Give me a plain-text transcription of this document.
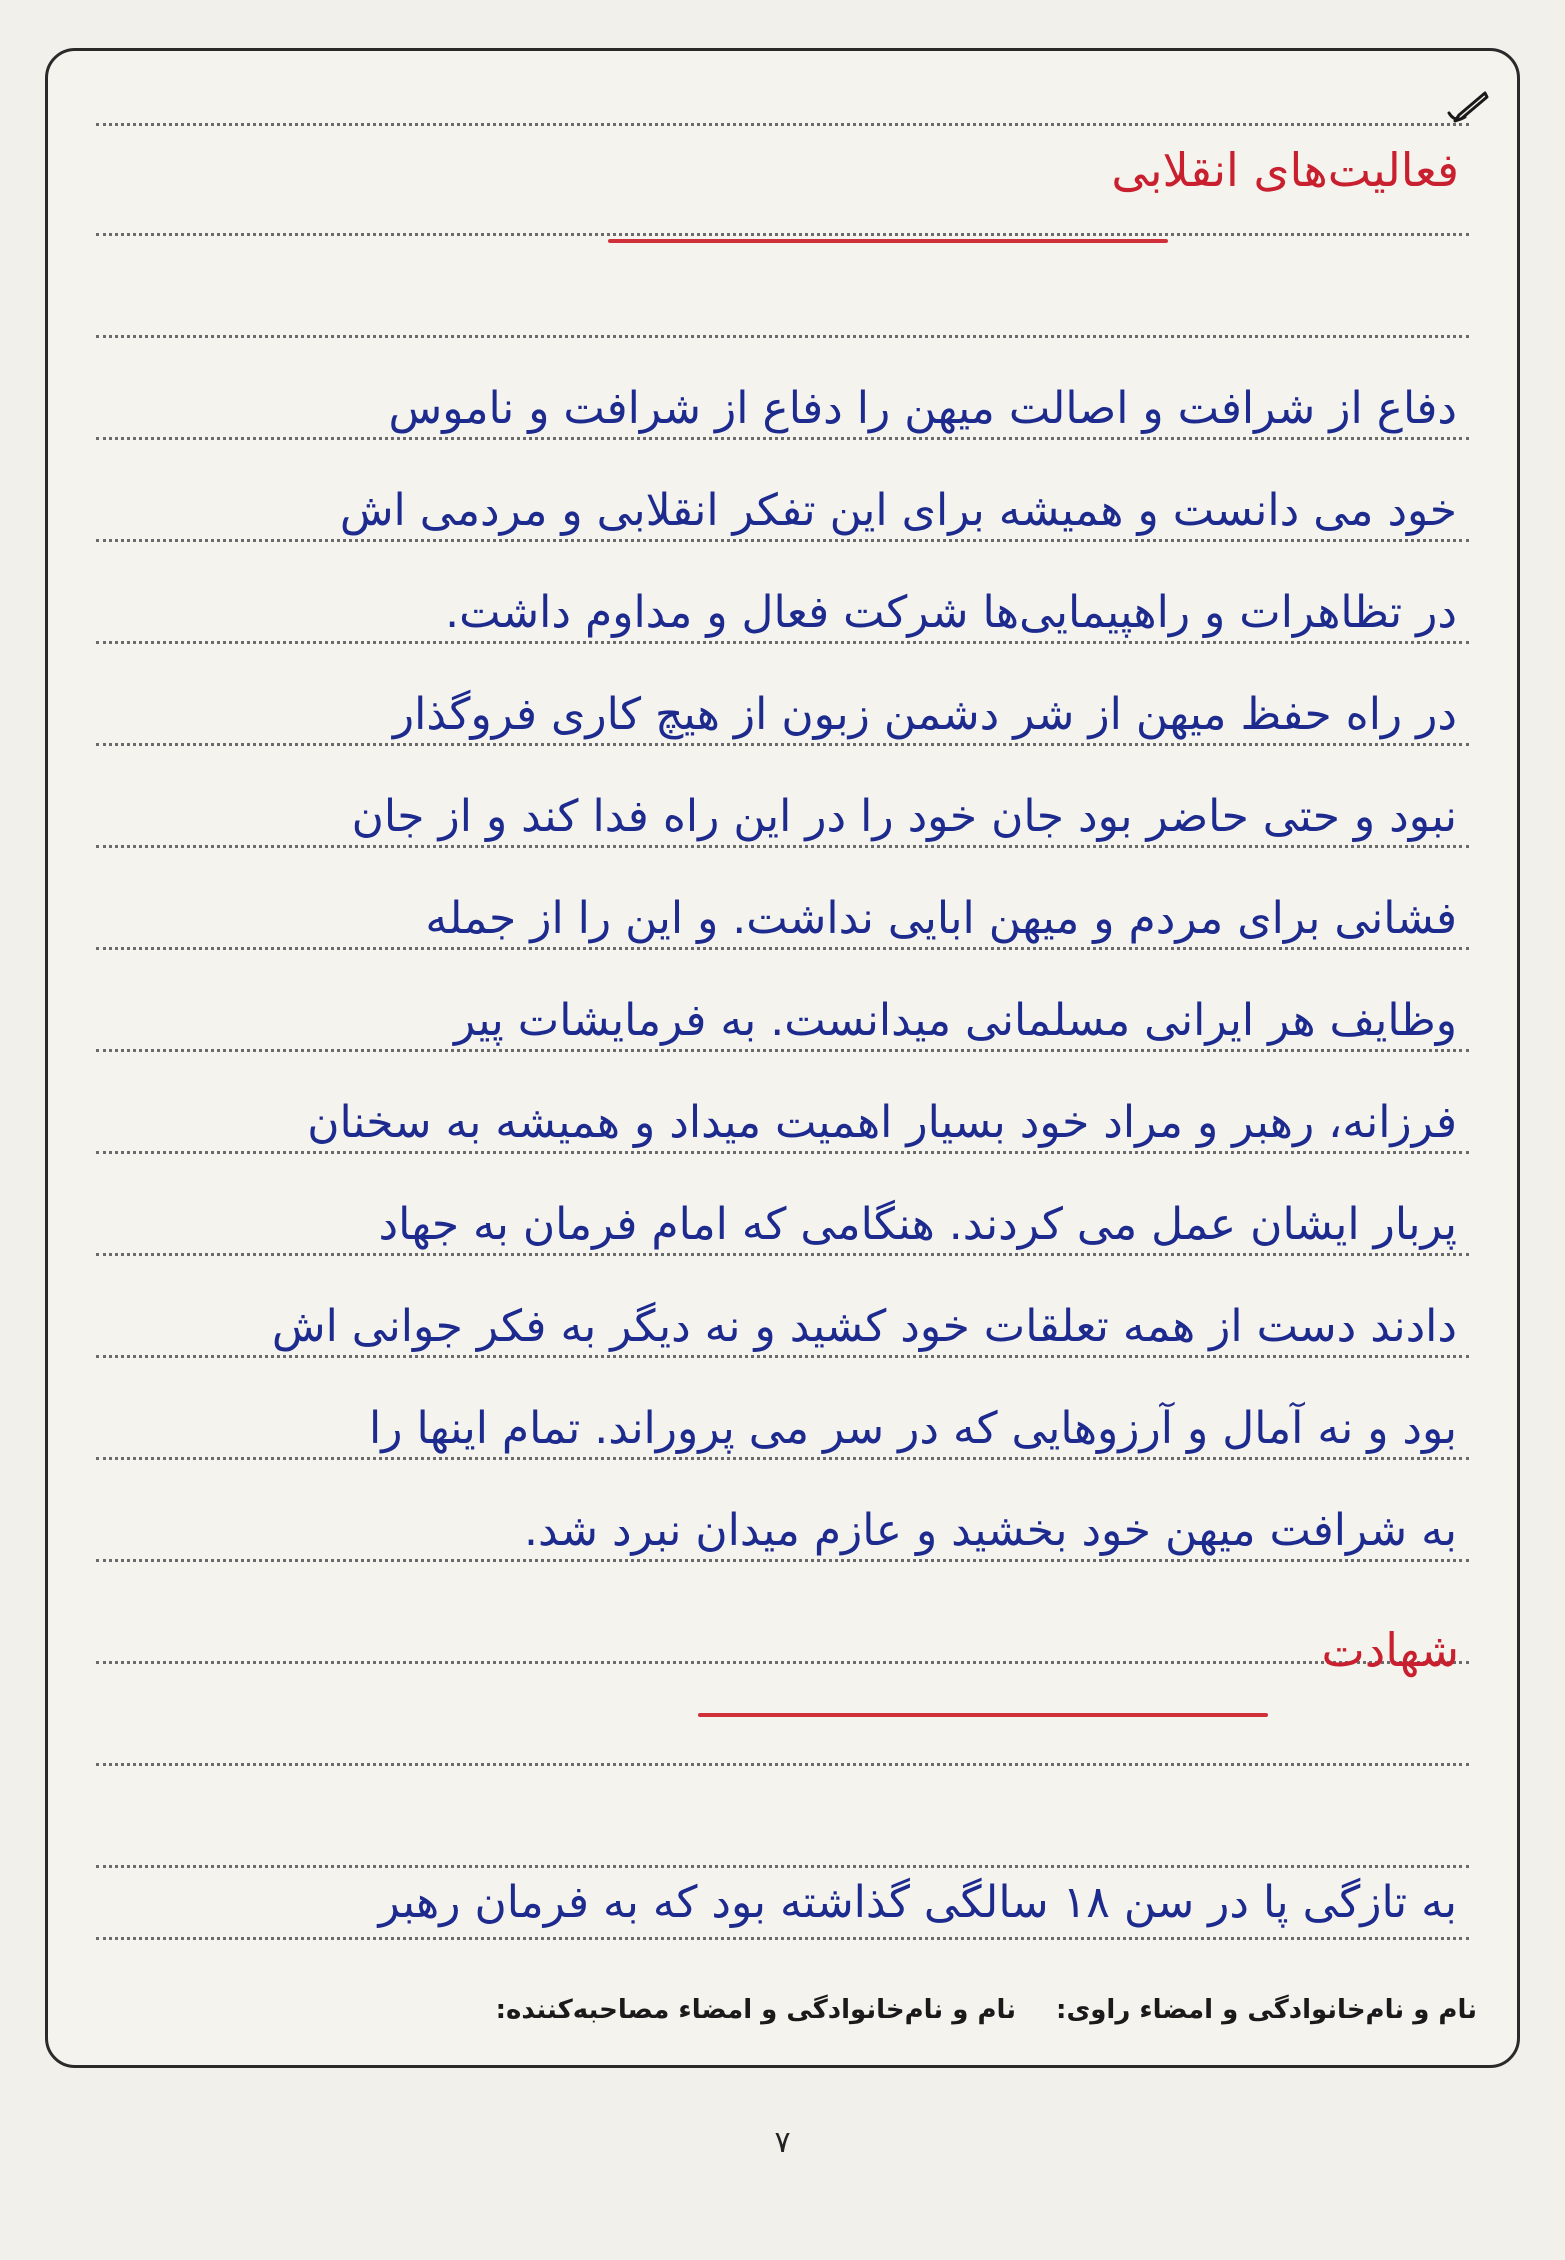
فعالیت‌های انقلابی
دفاع از شرافت و اصالت میهن را دفاع از شرافت و ناموس
خود می دانست و همیشه برای این تفکر انقلابی و مردمی اش
در تظاهرات و راهپیمایی‌ها شرکت فعال و مداوم داشت.
در راه حفظ میهن از شر دشمن زبون از هیچ کاری فروگذار
نبود و حتی حاضر بود جان خود را در این راه فدا کند و از جان
فشانی برای مردم و میهن ابایی نداشت. و این را از جمله
وظایف هر ایرانی مسلمانی میدانست. به فرمایشات پیر
فرزانه، رهبر و مراد خود بسیار اهمیت میداد و همیشه به سخنان
پربار ایشان عمل می کردند. هنگامی که امام فرمان به جهاد
دادند دست از همه تعلقات خود کشید و نه دیگر به فکر جوانی اش
بود و نه آمال و آرزوهایی که در سر می پروراند. تمام اینها را
به شرافت میهن خود بخشید و عازم میدان نبرد شد.
شهادت
به تازگی پا در سن ۱۸ سالگی گذاشته بود که به فرمان رهبر
نام و نام‌خانوادگی و امضاء راوی:
نام و نام‌خانوادگی و امضاء مصاحبه‌کننده:
۷
